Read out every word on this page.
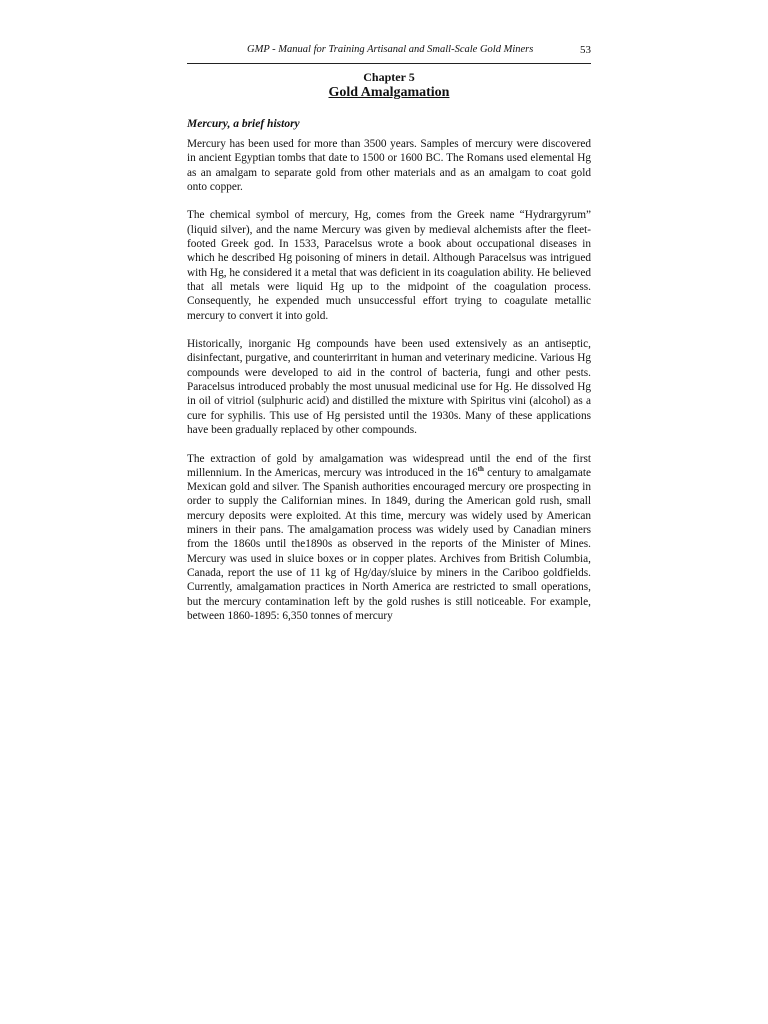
GMP - Manual for Training Artisanal and Small-Scale Gold Miners	53
Chapter 5
Gold Amalgamation
Mercury, a brief history

Mercury has been used for more than 3500 years. Samples of mercury were discovered in ancient Egyptian tombs that date to 1500 or 1600 BC. The Romans used elemental Hg as an amalgam to separate gold from other materials and as an amalgam to coat gold onto copper.

The chemical symbol of mercury, Hg, comes from the Greek name “Hydrargyrum” (liquid silver), and the name Mercury was given by medieval alchemists after the fleet-footed Greek god. In 1533, Paracelsus wrote a book about occupational diseases in which he described Hg poisoning of miners in detail. Although Paracelsus was intrigued with Hg, he considered it a metal that was deficient in its coagulation ability. He believed that all metals were liquid Hg up to the midpoint of the coagulation process. Consequently, he expended much unsuccessful effort trying to coagulate metallic mercury to convert it into gold.

Historically, inorganic Hg compounds have been used extensively as an antiseptic, disinfectant, purgative, and counterirritant in human and veterinary medicine. Various Hg compounds were developed to aid in the control of bacteria, fungi and other pests. Paracelsus introduced probably the most unusual medicinal use for Hg. He dissolved Hg in oil of vitriol (sulphuric acid) and distilled the mixture with Spiritus vini (alcohol) as a cure for syphilis. This use of Hg persisted until the 1930s. Many of these applications have been gradually replaced by other compounds.

The extraction of gold by amalgamation was widespread until the end of the first millennium. In the Americas, mercury was introduced in the 16th century to amalgamate Mexican gold and silver. The Spanish authorities encouraged mercury ore prospecting in order to supply the Californian mines. In 1849, during the American gold rush, small mercury deposits were exploited. At this time, mercury was widely used by American miners in their pans. The amalgamation process was widely used by Canadian miners from the 1860s until the1890s as observed in the reports of the Minister of Mines. Mercury was used in sluice boxes or in copper plates. Archives from British Columbia, Canada, report the use of 11 kg of Hg/day/sluice by miners in the Cariboo goldfields. Currently, amalgamation practices in North America are restricted to small operations, but the mercury contamination left by the gold rushes is still noticeable. For example, between 1860-1895: 6,350 tonnes of mercury
